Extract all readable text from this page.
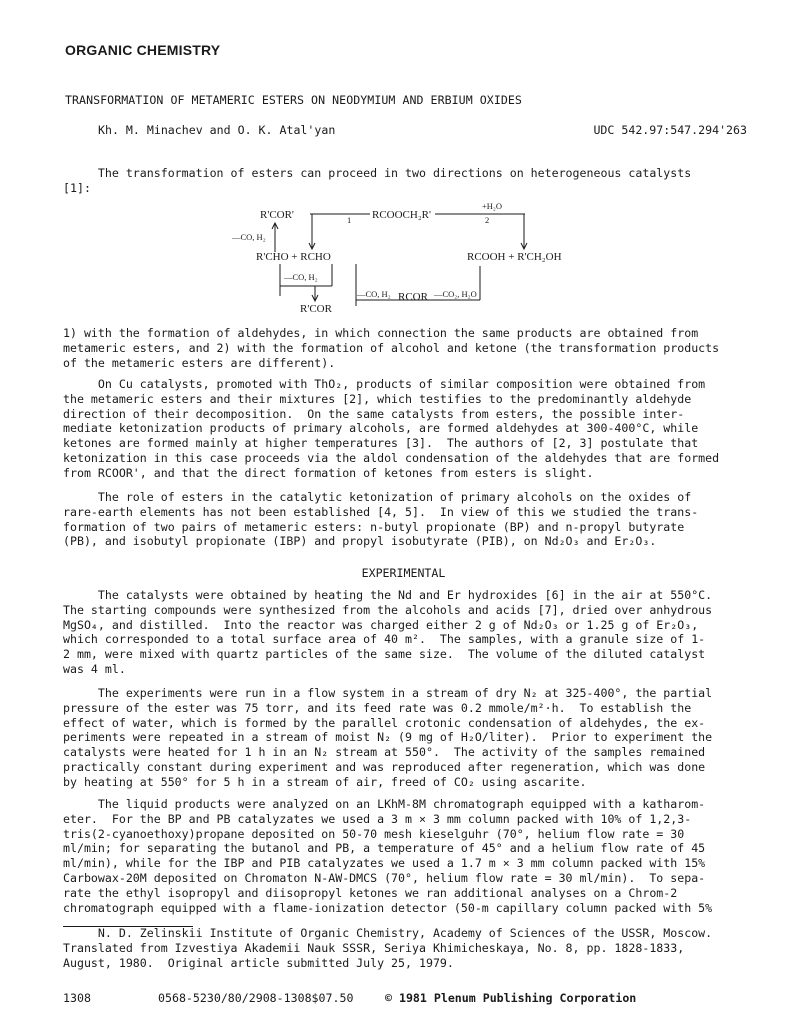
ORGANIC CHEMISTRY
TRANSFORMATION OF METAMERIC ESTERS ON NEODYMIUM AND ERBIUM OXIDES
Kh. M. Minachev and O. K. Atal'yan	UDC 542.97:547.294'263
The transformation of esters can proceed in two directions on heterogeneous catalysts
[1]:
R'COR'	1 RCOOCH₂R'
+H₂O
2
—CO, H₂
R'CHO + RCHO	RCOOH + R'CH₂OH
—CO, H₂
R'COR
—CO, H₂ RCOR —CO₂, H₂O
1) with the formation of aldehydes, in which connection the same products are obtained from
metameric esters, and 2) with the formation of alcohol and ketone (the transformation products
of the metameric esters are different).
On Cu catalysts, promoted with ThO₂, products of similar composition were obtained from
the metameric esters and their mixtures [2], which testifies to the predominantly aldehyde
direction of their decomposition.  On the same catalysts from esters, the possible inter-
mediate ketonization products of primary alcohols, are formed aldehydes at 300-400°C, while
ketones are formed mainly at higher temperatures [3].  The authors of [2, 3] postulate that
ketonization in this case proceeds via the aldol condensation of the aldehydes that are formed
from RCOOR', and that the direct formation of ketones from esters is slight.
The role of esters in the catalytic ketonization of primary alcohols on the oxides of
rare-earth elements has not been established [4, 5].  In view of this we studied the trans-
formation of two pairs of metameric esters: n-butyl propionate (BP) and n-propyl butyrate
(PB), and isobutyl propionate (IBP) and propyl isobutyrate (PIB), on Nd₂O₃ and Er₂O₃.
EXPERIMENTAL
The catalysts were obtained by heating the Nd and Er hydroxides [6] in the air at 550°C.
The starting compounds were synthesized from the alcohols and acids [7], dried over anhydrous
MgSO₄, and distilled.  Into the reactor was charged either 2 g of Nd₂O₃ or 1.25 g of Er₂O₃,
which corresponded to a total surface area of 40 m².  The samples, with a granule size of 1-
2 mm, were mixed with quartz particles of the same size.  The volume of the diluted catalyst
was 4 ml.
The experiments were run in a flow system in a stream of dry N₂ at 325-400°, the partial
pressure of the ester was 75 torr, and its feed rate was 0.2 mmole/m²·h.  To establish the
effect of water, which is formed by the parallel crotonic condensation of aldehydes, the ex-
periments were repeated in a stream of moist N₂ (9 mg of H₂O/liter).  Prior to experiment the
catalysts were heated for 1 h in an N₂ stream at 550°.  The activity of the samples remained
practically constant during experiment and was reproduced after regeneration, which was done
by heating at 550° for 5 h in a stream of air, freed of CO₂ using ascarite.
The liquid products were analyzed on an LKhM-8M chromatograph equipped with a katharom-
eter.  For the BP and PB catalyzates we used a 3 m × 3 mm column packed with 10% of 1,2,3-
tris(2-cyanoethoxy)propane deposited on 50-70 mesh kieselguhr (70°, helium flow rate = 30
ml/min; for separating the butanol and PB, a temperature of 45° and a helium flow rate of 45
ml/min), while for the IBP and PIB catalyzates we used a 1.7 m × 3 mm column packed with 15%
Carbowax-20M deposited on Chromaton N-AW-DMCS (70°, helium flow rate = 30 ml/min).  To sepa-
rate the ethyl isopropyl and diisopropyl ketones we ran additional analyses on a Chrom-2
chromatograph equipped with a flame-ionization detector (50-m capillary column packed with 5%
N. D. Zelinskii Institute of Organic Chemistry, Academy of Sciences of the USSR, Moscow.
Translated from Izvestiya Akademii Nauk SSSR, Seriya Khimicheskaya, No. 8, pp. 1828-1833,
August, 1980.  Original article submitted July 25, 1979.
1308	0568-5230/80/2908-1308$07.50	© 1981 Plenum Publishing Corporation
